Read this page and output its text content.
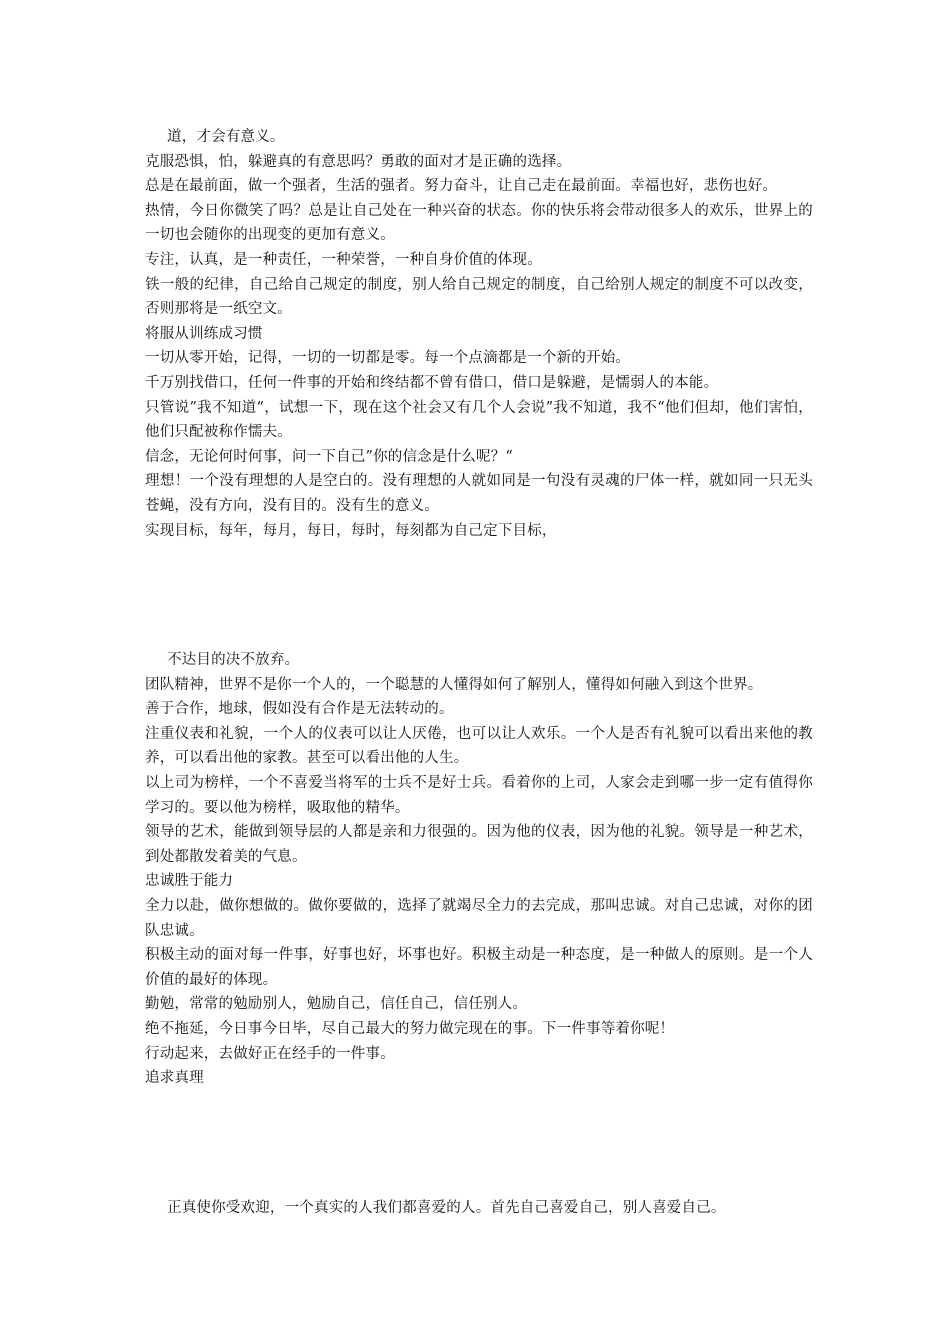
道，才会有意义。

克服恐惧，怕，躲避真的有意思吗？勇敢的面对才是正确的选择。

总是在最前面，做一个强者，生活的强者。努力奋斗，让自己走在最前面。幸福也好，悲伤也好。

热情，今日你微笑了吗？总是让自己处在一种兴奋的状态。你的快乐将会带动很多人的欢乐，世界上的一切也会随你的出现变的更加有意义。

专注，认真，是一种责任，一种荣誉，一种自身价值的体现。

铁一般的纪律，自己给自己规定的制度，别人给自己规定的制度，自己给别人规定的制度不可以改变，否则那将是一纸空文。

将服从训练成习惯

一切从零开始，记得，一切的一切都是零。每一个点滴都是一个新的开始。

千万别找借口，任何一件事的开始和终结都不曾有借口，借口是躲避，是懦弱人的本能。

只管说”我不知道“，试想一下，现在这个社会又有几个人会说”我不知道，我不“他们但却，他们害怕，他们只配被称作懦夫。

信念，无论何时何事，问一下自己”你的信念是什么呢？“

理想！一个没有理想的人是空白的。没有理想的人就如同是一句没有灵魂的尸体一样，就如同一只无头苍蝇，没有方向，没有目的。没有生的意义。

实现目标，每年，每月，每日，每时，每刻都为自己定下目标，

不达目的决不放弃。

团队精神，世界不是你一个人的，一个聪慧的人懂得如何了解别人，懂得如何融入到这个世界。

善于合作，地球，假如没有合作是无法转动的。

注重仪表和礼貌，一个人的仪表可以让人厌倦，也可以让人欢乐。一个人是否有礼貌可以看出来他的教养，可以看出他的家教。甚至可以看出他的人生。

以上司为榜样，一个不喜爱当将军的士兵不是好士兵。看着你的上司，人家会走到哪一步一定有值得你学习的。要以他为榜样，吸取他的精华。

领导的艺术，能做到领导层的人都是亲和力很强的。因为他的仪表，因为他的礼貌。领导是一种艺术，到处都散发着美的气息。

忠诚胜于能力

全力以赴，做你想做的。做你要做的，选择了就竭尽全力的去完成，那叫忠诚。对自己忠诚，对你的团队忠诚。

积极主动的面对每一件事，好事也好，坏事也好。积极主动是一种态度，是一种做人的原则。是一个人价值的最好的体现。

勤勉，常常的勉励别人，勉励自己，信任自己，信任别人。

绝不拖延，今日事今日毕，尽自己最大的努力做完现在的事。下一件事等着你呢！

行动起来，去做好正在经手的一件事。

追求真理

正真使你受欢迎，一个真实的人我们都喜爱的人。首先自己喜爱自己，别人喜爱自己。
